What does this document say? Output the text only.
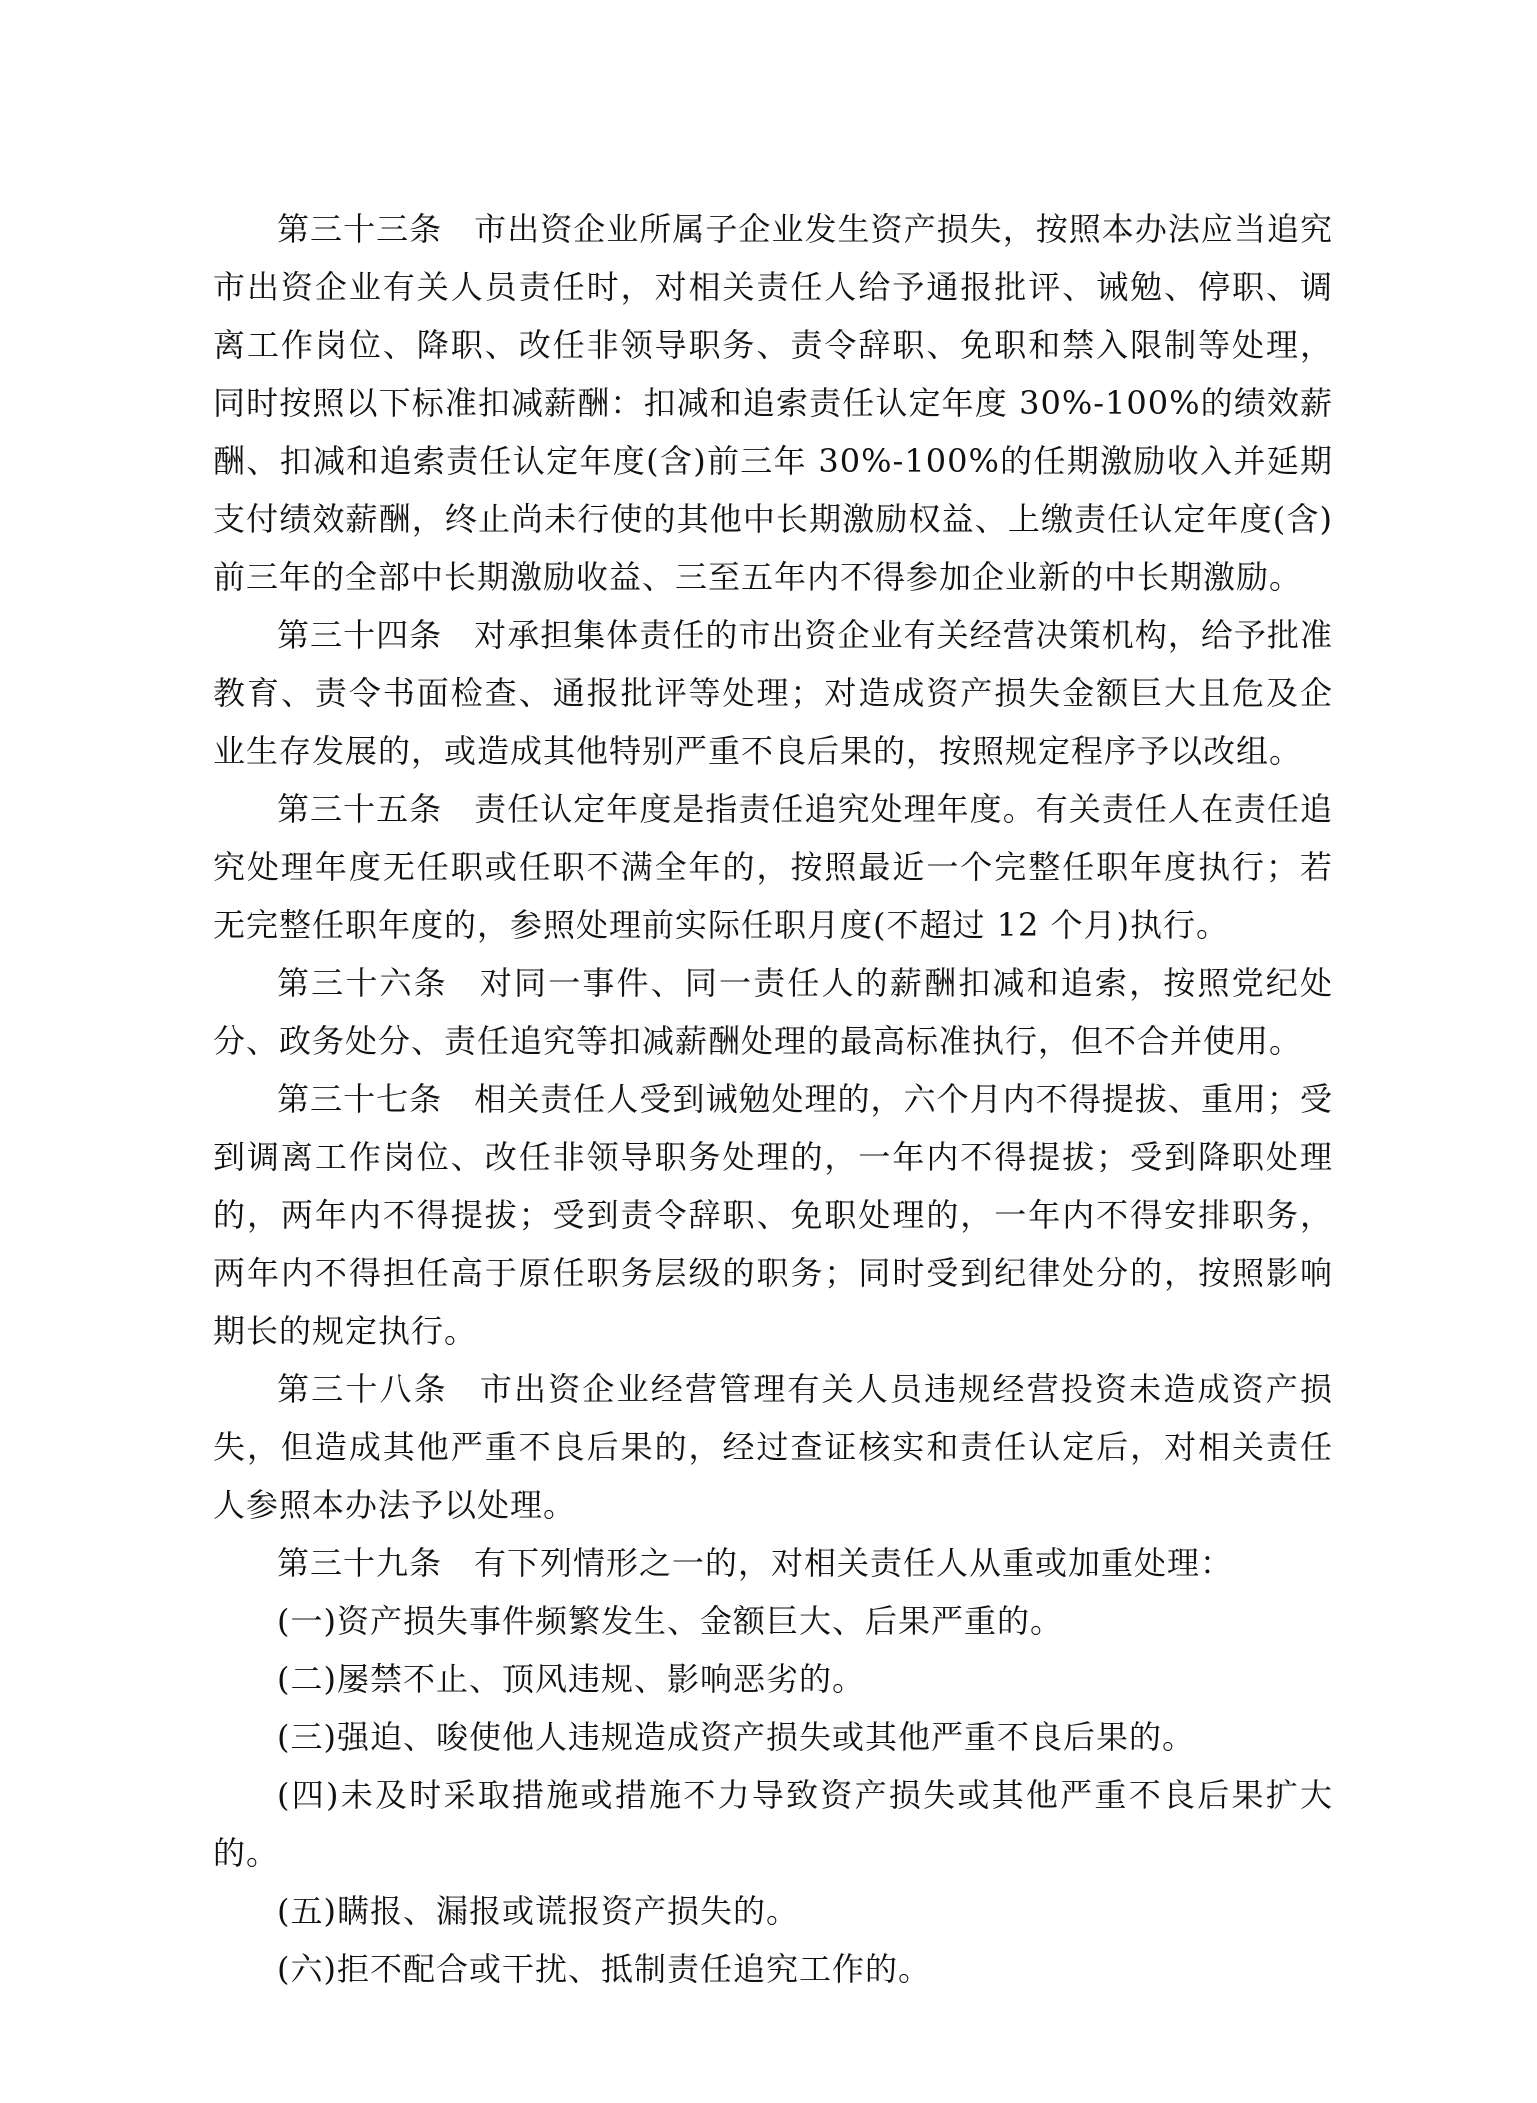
第三十三条 市出资企业所属子企业发生资产损失，按照本办法应当追究市出资企业有关人员责任时，对相关责任人给予通报批评、诫勉、停职、调离工作岗位、降职、改任非领导职务、责令辞职、免职和禁入限制等处理，同时按照以下标准扣减薪酬：扣减和追索责任认定年度 30%-100%的绩效薪酬、扣减和追索责任认定年度(含)前三年 30%-100%的任期激励收入并延期支付绩效薪酬，终止尚未行使的其他中长期激励权益、上缴责任认定年度(含)前三年的全部中长期激励收益、三至五年内不得参加企业新的中长期激励。

第三十四条 对承担集体责任的市出资企业有关经营决策机构，给予批准教育、责令书面检查、通报批评等处理；对造成资产损失金额巨大且危及企业生存发展的，或造成其他特别严重不良后果的，按照规定程序予以改组。

第三十五条 责任认定年度是指责任追究处理年度。有关责任人在责任追究处理年度无任职或任职不满全年的，按照最近一个完整任职年度执行；若无完整任职年度的，参照处理前实际任职月度(不超过 12 个月)执行。

第三十六条 对同一事件、同一责任人的薪酬扣减和追索，按照党纪处分、政务处分、责任追究等扣减薪酬处理的最高标准执行，但不合并使用。

第三十七条 相关责任人受到诫勉处理的，六个月内不得提拔、重用；受到调离工作岗位、改任非领导职务处理的，一年内不得提拔；受到降职处理的，两年内不得提拔；受到责令辞职、免职处理的，一年内不得安排职务，两年内不得担任高于原任职务层级的职务；同时受到纪律处分的，按照影响期长的规定执行。

第三十八条 市出资企业经营管理有关人员违规经营投资未造成资产损失，但造成其他严重不良后果的，经过查证核实和责任认定后，对相关责任人参照本办法予以处理。

第三十九条 有下列情形之一的，对相关责任人从重或加重处理：

(一)资产损失事件频繁发生、金额巨大、后果严重的。

(二)屡禁不止、顶风违规、影响恶劣的。

(三)强迫、唆使他人违规造成资产损失或其他严重不良后果的。

(四)未及时采取措施或措施不力导致资产损失或其他严重不良后果扩大的。

(五)瞒报、漏报或谎报资产损失的。

(六)拒不配合或干扰、抵制责任追究工作的。
